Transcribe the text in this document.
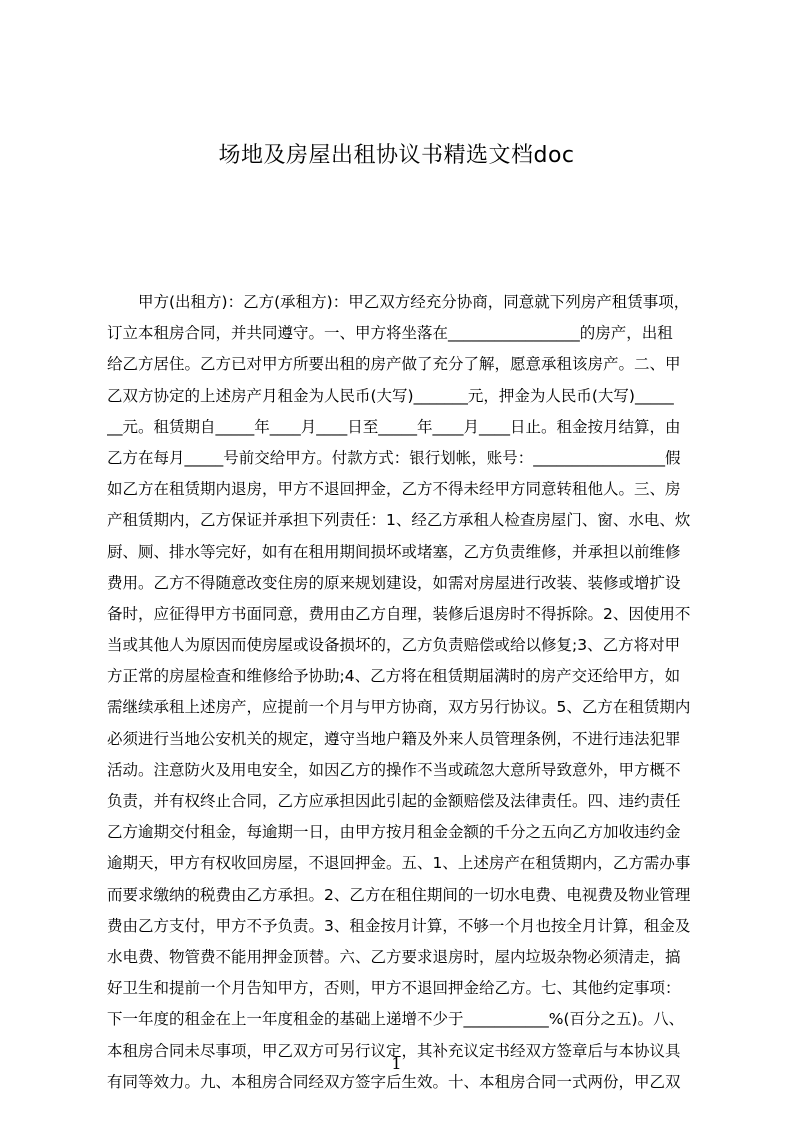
场地及房屋出租协议书精选文档doc
甲方(出租方)：乙方(承租方)：甲乙双方经充分协商，同意就下列房产租赁事项，
订立本租房合同，并共同遵守。一、甲方将坐落在_________________的房产，出租
给乙方居住。乙方已对甲方所要出租的房产做了充分了解，愿意承租该房产。二、甲
乙双方协定的上述房产月租金为人民币(大写)_______元，押金为人民币(大写)_____
__元。租赁期自_____年____月____日至_____年____月____日止。租金按月结算，由
乙方在每月_____号前交给甲方。付款方式：银行划帐，账号：_________________假
如乙方在租赁期内退房，甲方不退回押金，乙方不得未经甲方同意转租他人。三、房
产租赁期内，乙方保证并承担下列责任：1、经乙方承租人检查房屋门、窗、水电、炊
厨、厕、排水等完好，如有在租用期间损坏或堵塞，乙方负责维修，并承担以前维修
费用。乙方不得随意改变住房的原来规划建设，如需对房屋进行改装、装修或增扩设
备时，应征得甲方书面同意，费用由乙方自理，装修后退房时不得拆除。2、因使用不
当或其他人为原因而使房屋或设备损坏的，乙方负责赔偿或给以修复;3、乙方将对甲
方正常的房屋检查和维修给予协助;4、乙方将在租赁期届满时的房产交还给甲方，如
需继续承租上述房产，应提前一个月与甲方协商，双方另行协议。5、乙方在租赁期内
必须进行当地公安机关的规定，遵守当地户籍及外来人员管理条例，不进行违法犯罪
活动。注意防火及用电安全，如因乙方的操作不当或疏忽大意所导致意外，甲方概不
负责，并有权终止合同，乙方应承担因此引起的金额赔偿及法律责任。四、违约责任
乙方逾期交付租金，每逾期一日，由甲方按月租金金额的千分之五向乙方加收违约金
逾期天，甲方有权收回房屋，不退回押金。五、1、上述房产在租赁期内，乙方需办事
而要求缴纳的税费由乙方承担。2、乙方在租住期间的一切水电费、电视费及物业管理
费由乙方支付，甲方不予负责。3、租金按月计算，不够一个月也按全月计算，租金及
水电费、物管费不能用押金顶替。六、乙方要求退房时，屋内垃圾杂物必须清走，搞
好卫生和提前一个月告知甲方，否则，甲方不退回押金给乙方。七、其他约定事项：
下一年度的租金在上一年度租金的基础上递增不少于___________%(百分之五)。八、
本租房合同未尽事项，甲乙双方可另行议定，其补充议定书经双方签章后与本协议具
有同等效力。九、本租房合同经双方签字后生效。十、本租房合同一式两份，甲乙双
1
